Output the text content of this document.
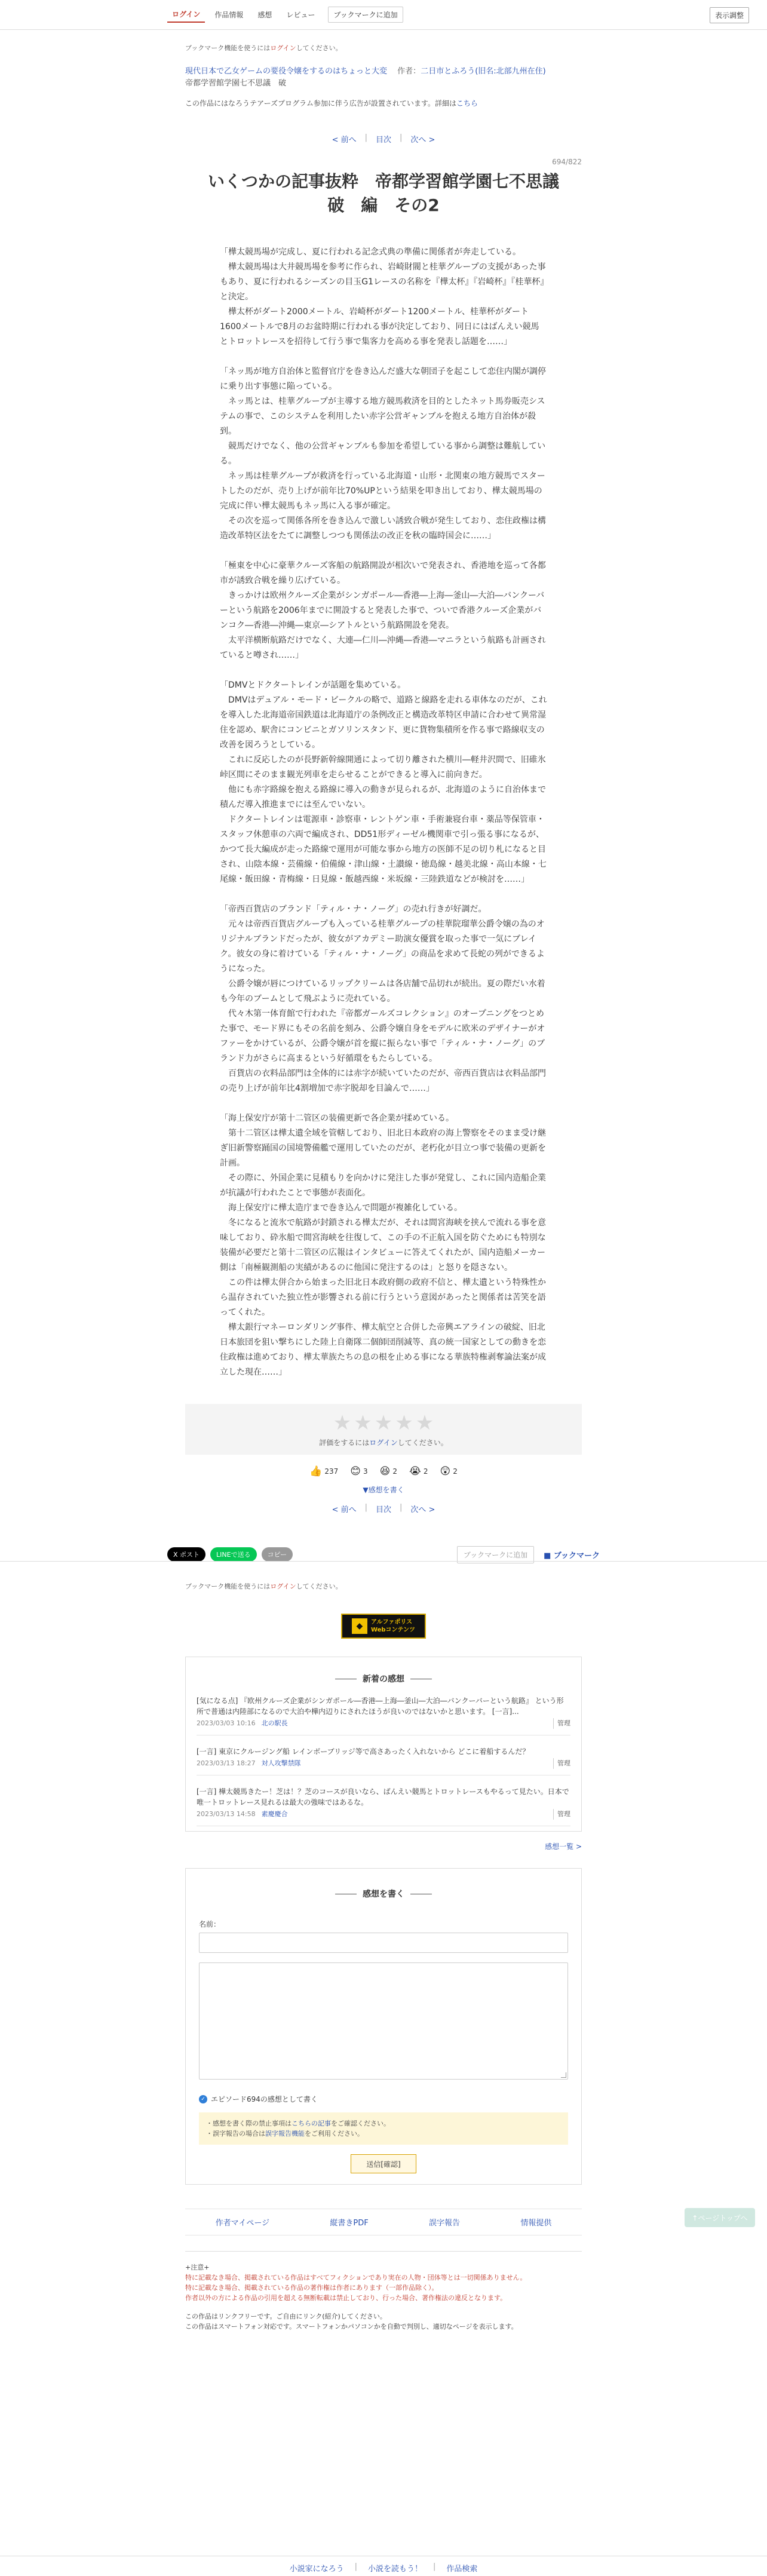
ログイン	作品情報	感想	レビュー	ブックマークに追加	表示調整
ブックマーク機能を使うにはログインしてください。
現代日本で乙女ゲームの要役令嬢をするのはちょっと大変 　 作者：二日市とふろう(旧名:北部九州在住)
帝都学習館学園七不思議　破
この作品にはなろうテアーズプログラム参加に伴う広告が設置されています。詳細はこちら
< 前へ | 目次 | 次へ >
694/822
いくつかの記事抜粋　帝都学習館学園七不思議　破　編　その2

「樺太競馬場が完成し、夏に行われる記念式典の準備に関係者が奔走している。

　樺太競馬場は大井競馬場を参考に作られ、岩崎財閥と桂華グループの支援があった事もあり、夏に行われるシーズンの目玉G1レースの名称を『樺太杯』『岩崎杯』『桂華杯』と決定。

　樺太杯がダート2000メートル、岩崎杯がダート1200メートル、桂華杯がダート1600メートルで8月のお盆時期に行われる事が決定しており、同日にはばんえい競馬とトロットレースを招待して行う事で集客力を高める事を発表し話題を……」

「ネッ馬が地方自治体と監督官庁を巻き込んだ盛大な朝団子を起こして恋住内閣が調停に乗り出す事態に陥っている。

　ネッ馬とは、桂華グループが主導する地方競馬救済を目的としたネット馬券販売システムの事で、このシステムを利用したい赤字公営ギャンブルを抱える地方自治体が殺到。

　競馬だけでなく、他の公営ギャンブルも参加を希望している事から調整は難航している。

　ネッ馬は桂華グループが救済を行っている北海道・山形・北関東の地方競馬でスタートしたのだが、売り上げが前年比70%UPという結果を叩き出しており、樺太競馬場の完成に伴い樺太競馬もネッ馬に入る事が確定。

　その次を巡って関係各所を巻き込んで激しい誘致合戦が発生しており、恋住政権は構造改革特区法をたてに調整しつつも関係法の改正を秋の臨時国会に……」

「極東を中心に豪華クルーズ客船の航路開設が相次いで発表され、香港地を巡って各都市が誘致合戦を繰り広げている。

　きっかけは欧州クルーズ企業がシンガポール―香港―上海―釜山―大泊―バンクーバーという航路を2006年までに開設すると発表した事で、ついで香港クルーズ企業がバンコク―香港―沖縄―東京―シアトルという航路開設を発表。

　太平洋横断航路だけでなく、大連―仁川―沖縄―香港―マニラという航路も計画されていると噂され……」

「DMVとドクタートレインが話題を集めている。

　DMVはデュアル・モード・ビークルの略で、道路と線路を走れる車体なのだが、これを導入した北海道帝国鉄道は北海道庁の条例改正と構造改革特区申請に合わせて異常湿住を認め、駅舎にコンビニとガソリンスタンド、更に貨物集積所を作る事で路線収支の改善を図ろうとしている。

　これに反応したのが長野新幹線開通によって切り離された横川―軽井沢間で、旧碓氷峠区間にそのまま観光列車を走らせることができると導入に前向きだ。

　他にも赤字路線を抱える路線に導入の動きが見られるが、北海道のように自治体まで積んだ導入推進までには至んでいない。

　ドクタートレインは電源車・診察車・レントゲン車・手術兼寝台車・薬品等保管車・スタッフ休憩車の六両で編成され、DD51形ディーゼル機関車で引っ張る事になるが、かつて長大編成が走った路線で運用が可能な事から地方の医師不足の切り札になると目され、山陰本線・芸備線・伯備線・津山線・土讃線・徳島線・越美北線・高山本線・七尾線・飯田線・青梅線・日見線・飯越西線・米坂線・三陸鉄道などが検討を……」

「帝西百貨店のブランド「ティル・ナ・ノーグ」の売れ行きが好調だ。

　元々は帝西百貨店グループも入っている桂華グループの桂華院瑠華公爵令嬢の為のオリジナルブランドだったが、彼女がアカデミー助演女優賞を取った事で一気にブレイク。彼女の身に着けている「ティル・ナ・ノーグ」の商品を求めて長蛇の列ができるようになった。

　公爵令嬢が唇につけているリップクリームは各店舗で品切れが続出。夏の際だい水着も今年のブームとして飛ぶように売れている。

　代々木第一体育館で行われた『帝都ガールズコレクション』のオープニングをつとめた事で、モード界にもその名前を刻み、公爵令嬢自身をモデルに欧米のデザイナーがオファーをかけているが、公爵令嬢が首を縦に振らない事で「ティル・ナ・ノーグ」のブランド力がさらに高まるという好循環をもたらしている。

　百貨店の衣料品部門は全体的には赤字が続いていたのだが、帝西百貨店は衣料品部門の売り上げが前年比4割増加で赤字脱却を目論んで……」

「海上保安庁が第十二管区の装備更新で各企業が揉めている。

　第十二管区は樺太遺全域を管轄しており、旧北日本政府の海上警察をそのまま受け継ぎ旧新警察踊国の国境警備艦で運用していたのだが、老朽化が目立つ事で装備の更新を計画。

　その際に、外国企業に見積もりを向かけに発注した事が発覚し、これに国内造船企業が抗議が行われたことで事態が表面化。

　海上保安庁に樺太造庁まで巻き込んで問題が複雑化している。

　冬になると流氷で航路が封鎖される樺太だが、それは間宮海峡を挟んで流れる事を意味しており、砕氷船で間宮海峡を往復して、この手の不正航入国を防ぐためにも特別な装備が必要だと第十二管区の広報はインタビューに答えてくれたが、国内造船メーカー側は「南極観測船の実績があるのに他国に発注するのは」と怒りを隠さない。

　この件は樺太併合から始まった旧北日本政府側の政府不信と、樺太遺という特殊性から温存されていた独立性が影響される前に行うという意図があったと関係者は苦笑を語ってくれた。

　樺太銀行マネーロンダリング事件、樺太航空と合併した帝興エアラインの破綻、旧北日本旅団を狙い撃ちにした陸上自衛隊二個師団削減等、真の統一国家としての動きを恋住政権は進めており、樺太華族たちの息の根を止める事になる華族特権剥奪論法案が成立した現在……」

★ ★ ★ ★ ★
評価をするにはログインしてください。
👍 237 😊 3 😆 2 😭 2 😲 2
▼感想を書く
< 前へ | 目次 | 次へ >
X ポスト	LINEで送る	コピー	ブックマークに追加	■ ブックマーク
ブックマーク機能を使うにはログインしてください。
◆	アルファポリス
Webコンテンツ
新着の感想
[気になる点] 『欧州クルーズ企業がシンガポール―香港―上海―釜山―大泊―バンクーバーという航路』 という形所で普通は内陸部になるので大泊や樺内辺りにされたほうが良いのではないかと思います。 [一言]...
2023/03/03 10:16 北の駅長	管理
[一言] 東京にクルージング船 レインボーブリッジ等で高さあったく入れないから どこに着船するんだ？
2023/03/13 18:27 対人攻撃禁隊	管理
[一言] 樺太競馬きたー！芝は！？芝のコースが良いなら、ばんえい競馬とトロットレースもやるって見たい。日本で唯一トロットレース見れるは最大の強味ではあるな。
2023/03/13 14:58 素慶慶合	管理
感想一覧 >
感想を書く
名前：
✓ エピソード694の感想として書く
・感想を書く際の禁止事項はこちらの記事をご確認ください。
・誤字報告の場合は誤字報告機能をご利用ください。
送信[確認]
作者マイページ	縦書きPDF	誤字報告	情報提供
+注意+
特に記載なき場合、掲載されている作品はすべてフィクションであり実在の人物・団体等とは一切関係ありません。
特に記載なき場合、掲載されている作品の著作権は作者にあります（一部作品除く）。
作者以外の方による作品の引用を超える無断転載は禁止しており、行った場合、著作権法の違反となります。
この作品はリンクフリーです。ご自由にリンク(紹介)してください。
この作品はスマートフォン対応です。スマートフォンかパソコンかを自動で判別し、適切なページを表示します。
↑ページトップへ
小説家になろう | 小説を読もう！ | 作品検索
